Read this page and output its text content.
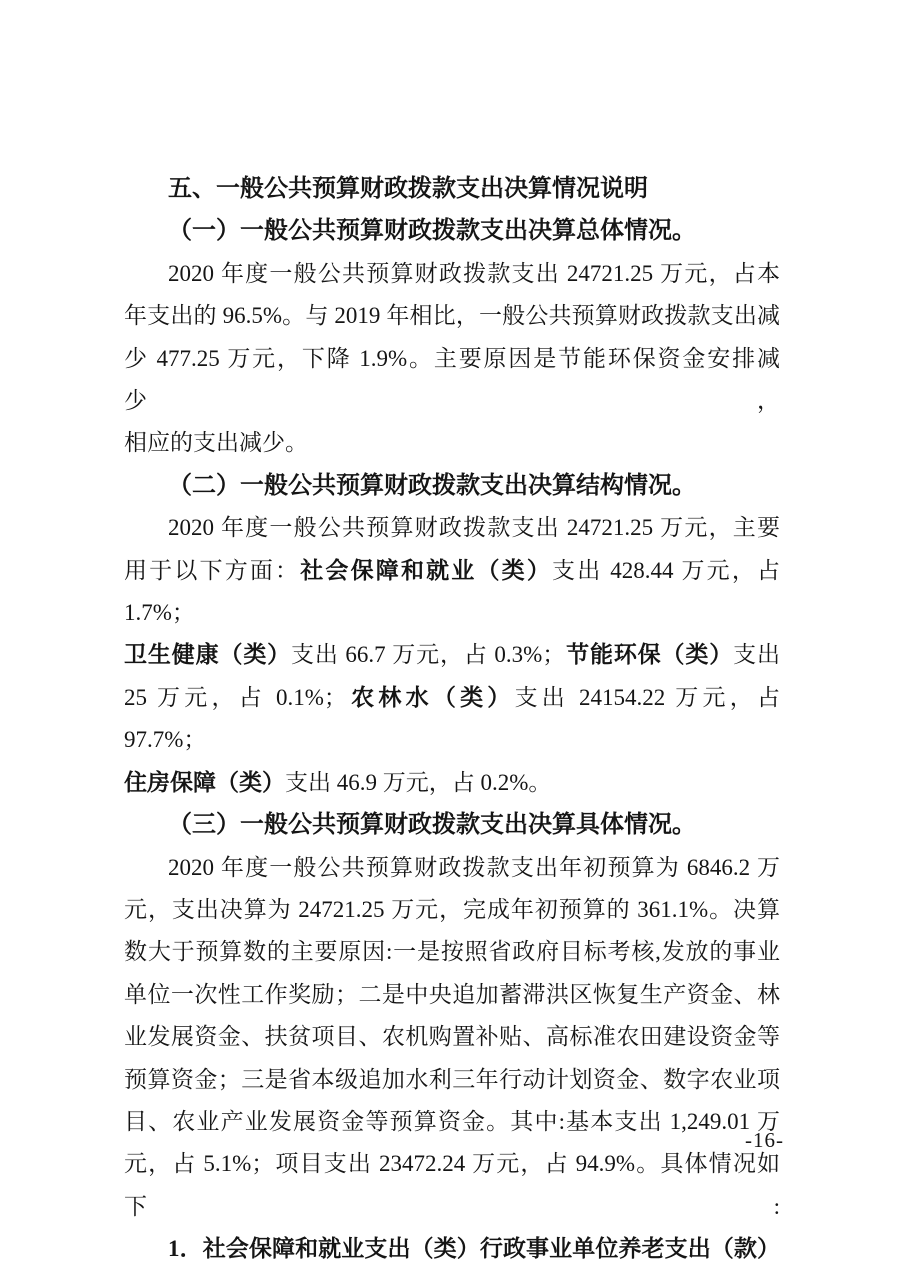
五、一般公共预算财政拨款支出决算情况说明
（一）一般公共预算财政拨款支出决算总体情况。
2020 年度一般公共预算财政拨款支出 24721.25 万元，占本
年支出的 96.5%。与 2019 年相比，一般公共预算财政拨款支出减
少 477.25 万元，下降 1.9%。主要原因是节能环保资金安排减少，
相应的支出减少。
（二）一般公共预算财政拨款支出决算结构情况。
2020 年度一般公共预算财政拨款支出 24721.25 万元，主要
用于以下方面：社会保障和就业（类）支出 428.44 万元，占 1.7%；
卫生健康（类）支出 66.7 万元，占 0.3%；节能环保（类）支出
25 万元，占 0.1%；农林水（类）支出 24154.22 万元，占 97.7%；
住房保障（类）支出 46.9 万元，占 0.2%。
（三）一般公共预算财政拨款支出决算具体情况。
2020 年度一般公共预算财政拨款支出年初预算为 6846.2 万
元，支出决算为 24721.25 万元，完成年初预算的 361.1%。决算
数大于预算数的主要原因:一是按照省政府目标考核,发放的事业
单位一次性工作奖励；二是中央追加蓄滞洪区恢复生产资金、林
业发展资金、扶贫项目、农机购置补贴、高标准农田建设资金等
预算资金；三是省本级追加水利三年行动计划资金、数字农业项
目、农业产业发展资金等预算资金。其中:基本支出 1,249.01 万
元，占 5.1%；项目支出 23472.24 万元，占 94.9%。具体情况如下:
1．社会保障和就业支出（类）行政事业单位养老支出（款）
-16-
